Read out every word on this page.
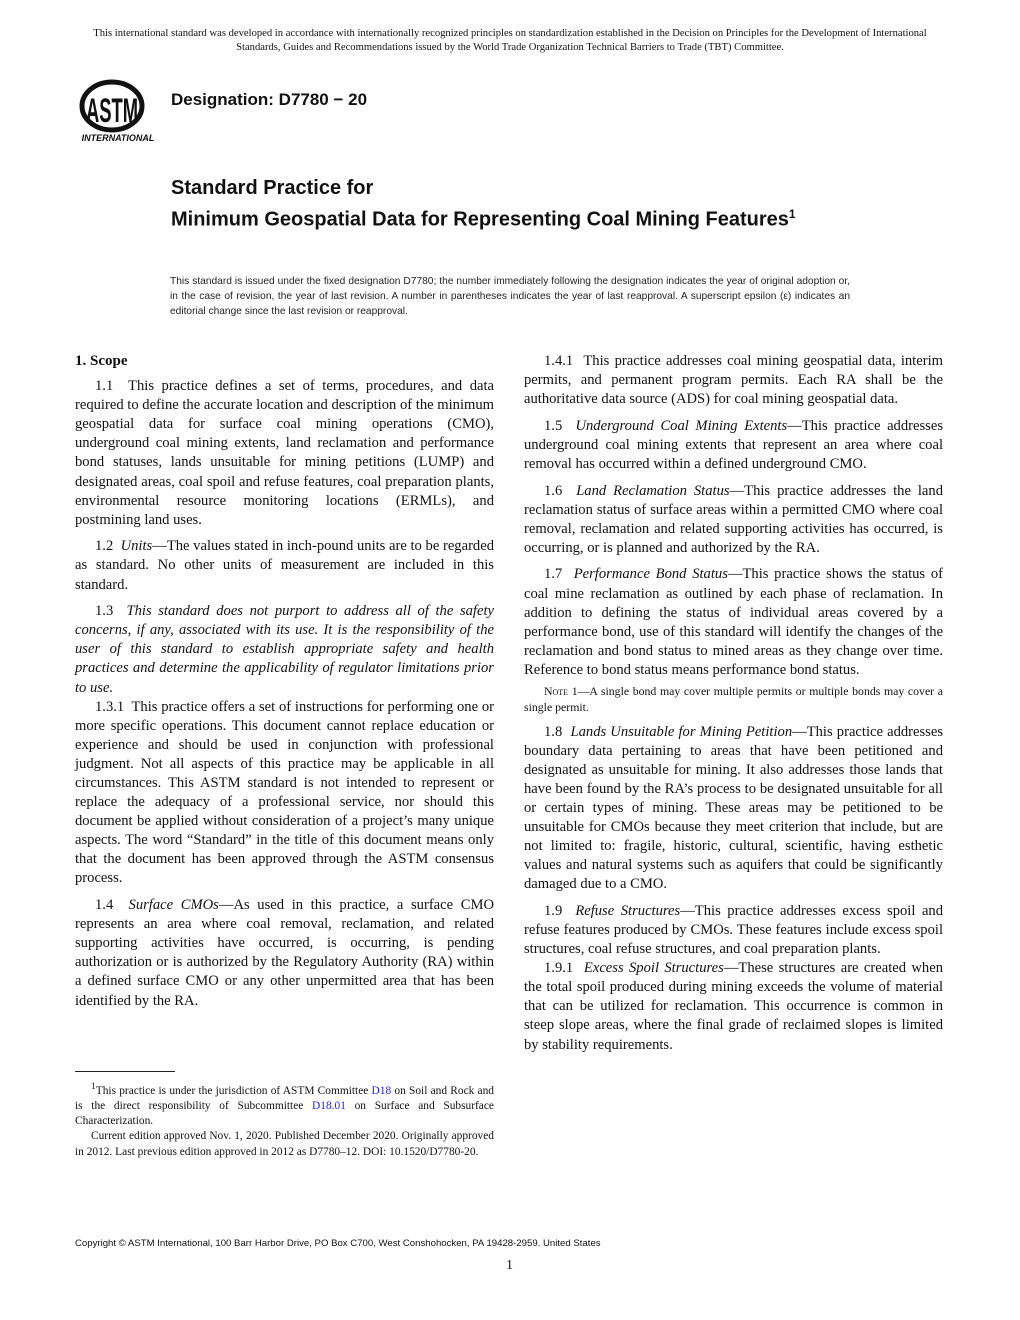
This international standard was developed in accordance with internationally recognized principles on standardization established in the Decision on Principles for the Development of International Standards, Guides and Recommendations issued by the World Trade Organization Technical Barriers to Trade (TBT) Committee.
ASTM
INTERNATIONAL
Designation: D7780 − 20
Standard Practice for
Minimum Geospatial Data for Representing Coal Mining Features$^1$
This standard is issued under the fixed designation D7780; the number immediately following the designation indicates the year of original adoption or, in the case of revision, the year of last revision. A number in parentheses indicates the year of last reapproval. A superscript epsilon (ε) indicates an editorial change since the last revision or reapproval.
1. Scope

1.1 This practice defines a set of terms, procedures, and data required to define the accurate location and description of the minimum geospatial data for surface coal mining operations (CMO), underground coal mining extents, land reclamation and performance bond statuses, lands unsuitable for mining petitions (LUMP) and designated areas, coal spoil and refuse features, coal preparation plants, environmental resource monitoring locations (ERMLs), and postmining land uses.

1.2 Units—The values stated in inch-pound units are to be regarded as standard. No other units of measurement are included in this standard.

1.3 This standard does not purport to address all of the safety concerns, if any, associated with its use. It is the responsibility of the user of this standard to establish appropriate safety and health practices and determine the applicability of regulator limitations prior to use.

1.3.1 This practice offers a set of instructions for performing one or more specific operations. This document cannot replace education or experience and should be used in conjunction with professional judgment. Not all aspects of this practice may be applicable in all circumstances. This ASTM standard is not intended to represent or replace the adequacy of a professional service, nor should this document be applied without consideration of a project’s many unique aspects. The word “Standard” in the title of this document means only that the document has been approved through the ASTM consensus process.

1.4 Surface CMOs—As used in this practice, a surface CMO represents an area where coal removal, reclamation, and related supporting activities have occurred, is occurring, is pending authorization or is authorized by the Regulatory Authority (RA) within a defined surface CMO or any other unpermitted area that has been identified by the RA.

1.4.1 This practice addresses coal mining geospatial data, interim permits, and permanent program permits. Each RA shall be the authoritative data source (ADS) for coal mining geospatial data.

1.5 Underground Coal Mining Extents—This practice addresses underground coal mining extents that represent an area where coal removal has occurred within a defined underground CMO.

1.6 Land Reclamation Status—This practice addresses the land reclamation status of surface areas within a permitted CMO where coal removal, reclamation and related supporting activities has occurred, is occurring, or is planned and authorized by the RA.

1.7 Performance Bond Status—This practice shows the status of coal mine reclamation as outlined by each phase of reclamation. In addition to defining the status of individual areas covered by a performance bond, use of this standard will identify the changes of the reclamation and bond status to mined areas as they change over time. Reference to bond status means performance bond status.

Note 1—A single bond may cover multiple permits or multiple bonds may cover a single permit.

1.8 Lands Unsuitable for Mining Petition—This practice addresses boundary data pertaining to areas that have been petitioned and designated as unsuitable for mining. It also addresses those lands that have been found by the RA’s process to be designated unsuitable for all or certain types of mining. These areas may be petitioned to be unsuitable for CMOs because they meet criterion that include, but are not limited to: fragile, historic, cultural, scientific, having esthetic values and natural systems such as aquifers that could be significantly damaged due to a CMO.

1.9 Refuse Structures—This practice addresses excess spoil and refuse features produced by CMOs. These features include excess spoil structures, coal refuse structures, and coal preparation plants.

1.9.1 Excess Spoil Structures—These structures are created when the total spoil produced during mining exceeds the volume of material that can be utilized for reclamation. This occurrence is common in steep slope areas, where the final grade of reclaimed slopes is limited by stability requirements.

$^1$This practice is under the jurisdiction of ASTM Committee D18 on Soil and Rock and is the direct responsibility of Subcommittee D18.01 on Surface and Subsurface Characterization.

Current edition approved Nov. 1, 2020. Published December 2020. Originally approved in 2012. Last previous edition approved in 2012 as D7780–12. DOI: 10.1520/D7780-20.

Copyright © ASTM International, 100 Barr Harbor Drive, PO Box C700, West Conshohocken, PA 19428-2959. United States
1
